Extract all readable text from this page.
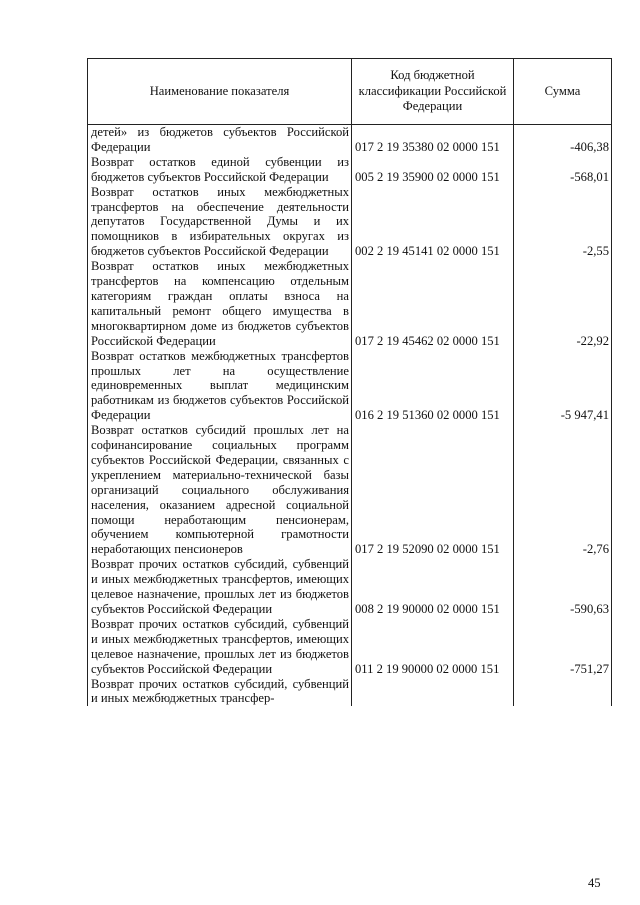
Наименование показателя	Код бюджетной классификации Российской Федерации	Сумма
детей» из бюджетов субъектов Российской Федерации	017 2 19 35380 02 0000 151	-406,38
Возврат остатков единой субвенции из бюджетов субъектов Российской Федерации	005 2 19 35900 02 0000 151	-568,01
Возврат остатков иных межбюджетных трансфертов на обеспечение деятельности депутатов Государственной Думы и их помощников в избирательных округах из бюджетов субъектов Российской Федерации	002 2 19 45141 02 0000 151	-2,55
Возврат остатков иных межбюджетных трансфертов на компенсацию отдельным категориям граждан оплаты взноса на капитальный ремонт общего имущества в многоквартирном доме из бюджетов субъектов Российской Федерации	017 2 19 45462 02 0000 151	-22,92
Возврат остатков межбюджетных трансфертов прошлых лет на осуществление единовременных выплат медицинским работникам из бюджетов субъектов Российской Федерации	016 2 19 51360 02 0000 151	-5 947,41
Возврат остатков субсидий прошлых лет на софинансирование социальных программ субъектов Российской Федерации, связанных с укреплением материально-технической базы организаций социального обслуживания населения, оказанием адресной социальной помощи неработающим пенсионерам, обучением компьютерной грамотности неработающих пенсионеров	017 2 19 52090 02 0000 151	-2,76
Возврат прочих остатков субсидий, субвенций и иных межбюджетных трансфертов, имеющих целевое назначение, прошлых лет из бюджетов субъектов Российской Федерации	008 2 19 90000 02 0000 151	-590,63
Возврат прочих остатков субсидий, субвенций и иных межбюджетных трансфертов, имеющих целевое назначение, прошлых лет из бюджетов субъектов Российской Федерации	011 2 19 90000 02 0000 151	-751,27
Возврат прочих остатков субсидий, субвенций и иных межбюджетных трансфер-		
45
